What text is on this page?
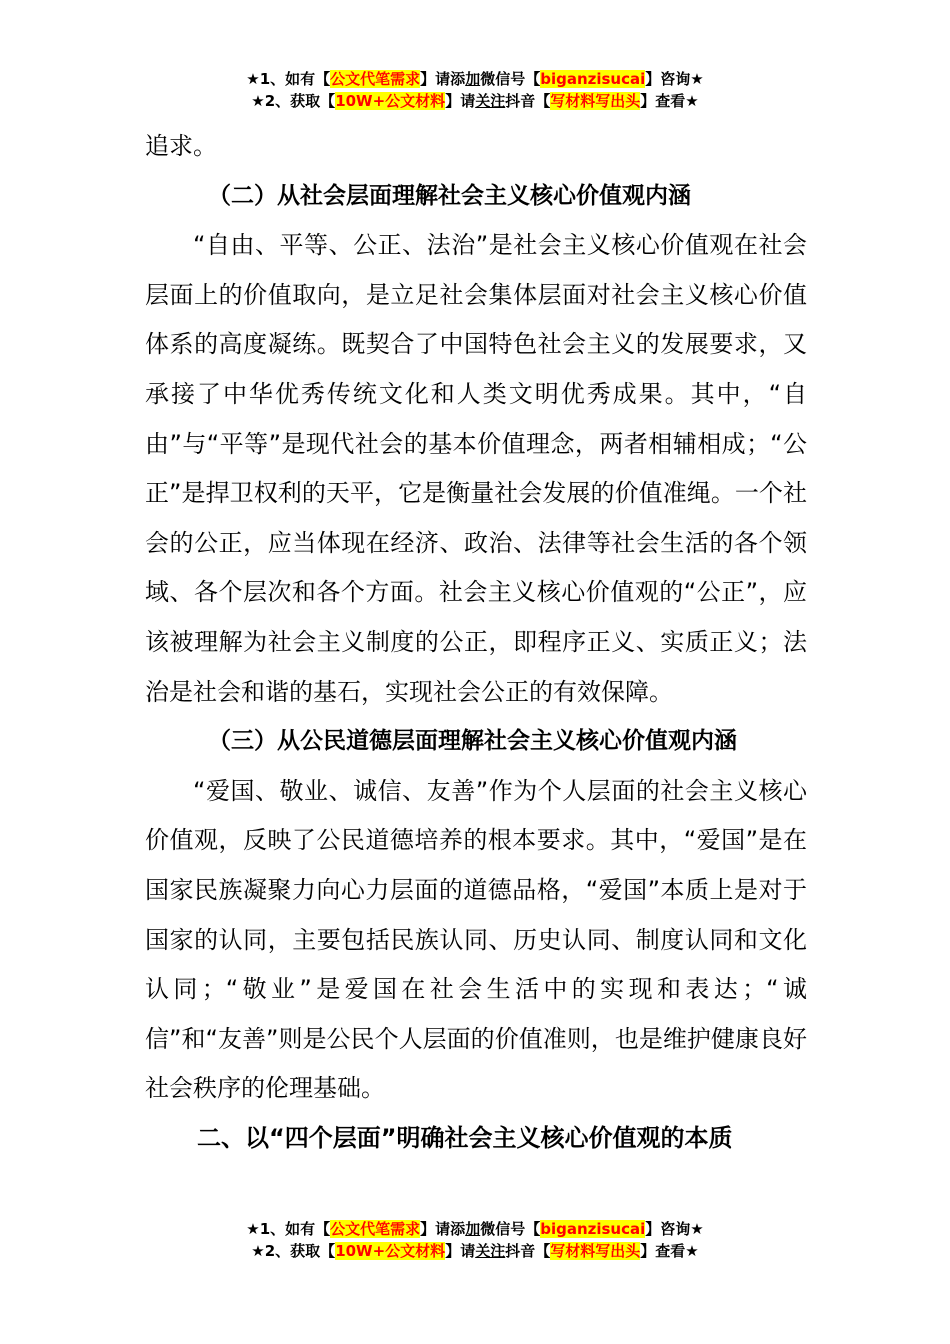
★1、如有【公文代笔需求】请添加微信号【biganzisucai】咨询★
★2、获取【10W+公文材料】请关注抖音【写材料写出头】查看★

追求。

（二）从社会层面理解社会主义核心价值观内涵

“自由、平等、公正、法治”是社会主义核心价值观在社会层面上的价值取向，是立足社会集体层面对社会主义核心价值体系的高度凝练。既契合了中国特色社会主义的发展要求，又承接了中华优秀传统文化和人类文明优秀成果。其中，“自由”与“平等”是现代社会的基本价值理念，两者相辅相成；“公正”是捍卫权利的天平，它是衡量社会发展的价值准绳。一个社会的公正，应当体现在经济、政治、法律等社会生活的各个领域、各个层次和各个方面。社会主义核心价值观的“公正”，应该被理解为社会主义制度的公正，即程序正义、实质正义；法治是社会和谐的基石，实现社会公正的有效保障。

（三）从公民道德层面理解社会主义核心价值观内涵

“爱国、敬业、诚信、友善”作为个人层面的社会主义核心价值观，反映了公民道德培养的根本要求。其中，“爱国”是在国家民族凝聚力向心力层面的道德品格，“爱国”本质上是对于国家的认同，主要包括民族认同、历史认同、制度认同和文化认同；“敬业”是爱国在社会生活中的实现和表达；“诚信”和“友善”则是公民个人层面的价值准则，也是维护健康良好社会秩序的伦理基础。

二、以“四个层面”明确社会主义核心价值观的本质

★1、如有【公文代笔需求】请添加微信号【biganzisucai】咨询★
★2、获取【10W+公文材料】请关注抖音【写材料写出头】查看★
